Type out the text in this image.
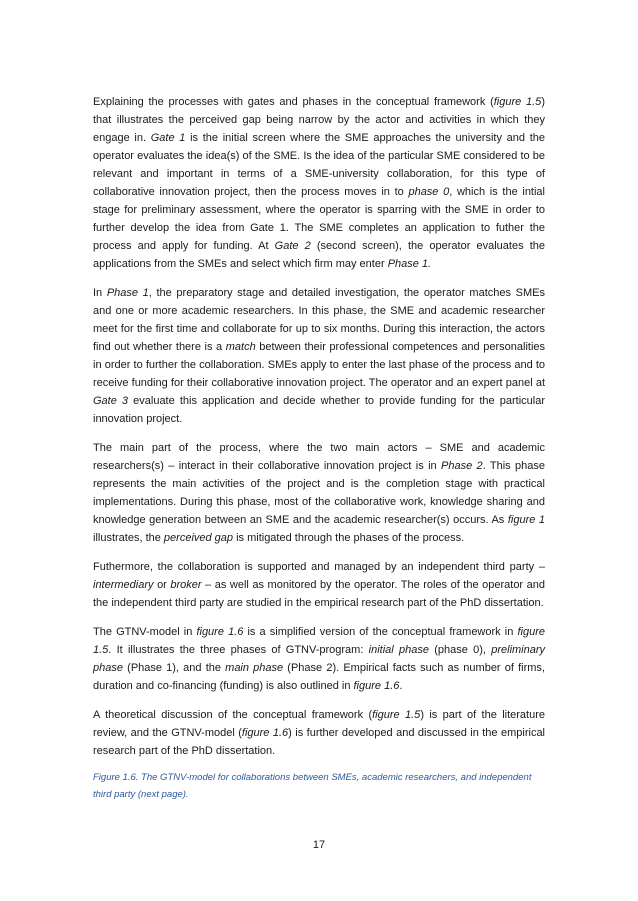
Explaining the processes with gates and phases in the conceptual framework (figure 1.5) that illustrates the perceived gap being narrow by the actor and activities in which they engage in. Gate 1 is the initial screen where the SME approaches the university and the operator evaluates the idea(s) of the SME. Is the idea of the particular SME considered to be relevant and important in terms of a SME-university collaboration, for this type of collaborative innovation project, then the process moves in to phase 0, which is the intial stage for preliminary assessment, where the operator is sparring with the SME in order to further develop the idea from Gate 1. The SME completes an application to futher the process and apply for funding. At Gate 2 (second screen), the operator evaluates the applications from the SMEs and select which firm may enter Phase 1.

In Phase 1, the preparatory stage and detailed investigation, the operator matches SMEs and one or more academic researchers. In this phase, the SME and academic researcher meet for the first time and collaborate for up to six months. During this interaction, the actors find out whether there is a match between their professional competences and personalities in order to further the collaboration. SMEs apply to enter the last phase of the process and to receive funding for their collaborative innovation project. The operator and an expert panel at Gate 3 evaluate this application and decide whether to provide funding for the particular innovation project.

The main part of the process, where the two main actors – SME and academic researchers(s) – interact in their collaborative innovation project is in Phase 2. This phase represents the main activities of the project and is the completion stage with practical implementations. During this phase, most of the collaborative work, knowledge sharing and knowledge generation between an SME and the academic researcher(s) occurs. As figure 1 illustrates, the perceived gap is mitigated through the phases of the process.

Futhermore, the collaboration is supported and managed by an independent third party – intermediary or broker – as well as monitored by the operator. The roles of the operator and the independent third party are studied in the empirical research part of the PhD dissertation.

The GTNV-model in figure 1.6 is a simplified version of the conceptual framework in figure 1.5. It illustrates the three phases of GTNV-program: initial phase (phase 0), preliminary phase (Phase 1), and the main phase (Phase 2). Empirical facts such as number of firms, duration and co-financing (funding) is also outlined in figure 1.6.

A theoretical discussion of the conceptual framework (figure 1.5) is part of the literature review, and the GTNV-model (figure 1.6) is further developed and discussed in the empirical research part of the PhD dissertation.

Figure 1.6. The GTNV-model for collaborations between SMEs, academic researchers, and independent third party (next page).

17
